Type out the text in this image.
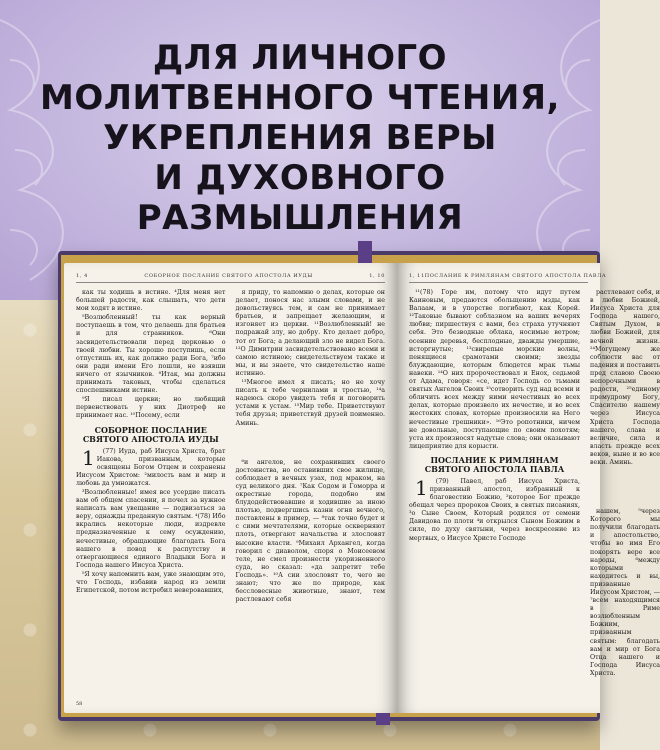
ДЛЯ ЛИЧНОГО
МОЛИТВЕННОГО ЧТЕНИЯ,
УКРЕПЛЕНИЯ ВЕРЫ
И ДУХОВНОГО
РАЗМЫШЛЕНИЯ
1, 4	СОБОРНОЕ ПОСЛАНИЕ СВЯТОГО АПОСТОЛА ИУДЫ	1, 10

как ты ходишь в истине. ⁴Для меня нет большей радости, как слышать, что дети мои ходят в истине.

⁵Возлюбленный! ты как верный поступаешь в том, что делаешь для братьев и для странников. ⁶Они засвидетельствовали перед церковью о твоей любви. Ты хорошо поступишь, если отпустишь их, как должно ради Бога, ⁷ибо они ради имени Его пошли, не взявши ничего от язычников. ⁸Итак, мы должны принимать таковых, чтобы сделаться споспешниками истине.

⁹Я писал церкви; но любящий первенствовать у них Диотреф не принимает нас. ¹⁰Посему, если

СОБОРНОЕ ПОСЛАНИЕ СВЯТОГО АПОСТОЛА ИУДЫ

1 (77) Иуда, раб Иисуса Христа, брат Иакова, призванным, которые освящены Богом Отцем и сохранены Иисусом Христом: ²милость вам и мир и любовь да умножатся.

³Возлюбленные! имея все усердие писать вам об общем спасении, я почел за нужное написать вам увещание — подвизаться за веру, однажды преданную святым. ⁴(78) Ибо вкрались некоторые люди, издревле предназначенные к сему осуждению, нечестивые, обращающие благодать Бога нашего в повод к распутству и отвергающиеся единого Владыки Бога и Господа нашего Иисуса Христа.

⁵Я хочу напомнить вам, уже знающим это, что Господь, избавив народ из земли Египетской, потом истребил неверовавших,

я приду, то напомню о делах, которые он делает, понося нас злыми словами, и не довольствуясь тем, и сам не принимает братьев, и запрещает желающим, и изгоняет из церкви. ¹¹Возлюбленный! не подражай злу, но добру. Кто делает добро, тот от Бога; а делающий зло не видел Бога. ¹²О Димитрии засвидетельствовано всеми и самою истиною; свидетельствуем также и мы, и вы знаете, что свидетельство наше истинно.

¹³Многое имел я писать; но не хочу писать к тебе чернилами и тростью, ¹⁴а надеюсь скоро увидеть тебя и поговорить устами к устам. ¹⁵Мир тебе. Приветствуют тебя друзья; приветствуй друзей поименно. Аминь.

⁶и ангелов, не сохранивших своего достоинства, но оставивших свое жилище, соблюдает в вечных узах, под мраком, на суд великого дня. ⁷Как Содом и Гоморра и окрестные города, подобно им блудодействовавшие и ходившие за иною плотью, подвергшись казни огня вечного, поставлены в пример, — ⁸так точно будет и с сими мечтателями, которые оскверняют плоть, отвергают начальства и злословят высокие власти. ⁹Михаил Архангел, когда говорил с диаволом, споря о Моисеевом теле, не смел произнести укоризненного суда, но сказал: «да запретит тебе Господь». ¹⁰А сии злословят то, чего не знают; что же по природе, как бессловесные животные, знают, тем растлевают себя

58
1, 11 ПОСЛАНИЕ К РИМЛЯНАМ СВЯТОГО АПОСТОЛА ПАВЛА

¹¹(78) Горе им, потому что идут путем Каиновым, предаются обольщению мзды, как Валаам, и в упорстве погибают, как Корей. ¹²Таковые бывают соблазном на ваших вечерях любви; пиршествуя с вами, без страха утучняют себя. Это безводные облака, носимые ветром; осенние деревья, бесплодные, дважды умершие, исторгнутые; ¹³свирепые морские волны, пенящиеся срамотами своими; звезды блуждающие, которым блюдется мрак тьмы навеки. ¹⁴О них пророчествовал и Енох, седьмой от Адама, говоря: «се, идет Господь со тьмами святых Ангелов Своих ¹⁵сотворить суд над всеми и обличить всех между ними нечестивых во всех делах, которые произвело их нечестие, и во всех жестоких словах, которые произносили на Него нечестивые грешники». ¹⁶Это ропотники, ничем не довольные, поступающие по своим похотям; уста их произносят надутые слова; они оказывают лицеприятие для корысти.

ПОСЛАНИЕ К РИМЛЯНАМ СВЯТОГО АПОСТОЛА ПАВЛА

1 (79) Павел, раб Иисуса Христа, призванный апостол, избранный к благовестию Божию, ²которое Бог прежде обещал через пророков Своих, в святых писаниях, ³о Сыне Своем, Который родился от семени Давидова по плоти ⁴и открылся Сыном Божиим в силе, по духу святыни, через воскресение из мертвых, о Иисусе Христе Господе

растлевают себя, и в любви Божией, Иисуса Христа для Господа нашего, Святым Духом, в любви Божией, для вечной жизни. ²⁴Могущему же соблюсти вас от падения и поставить пред славою Своею непорочными в радости, ²⁵единому премудрому Богу, Спасителю нашему через Иисуса Христа Господа нашего, слава и величие, сила и власть прежде всех веков, ныне и во все веки. Аминь.

нашем, ⁵через Которого мы получили благодать и апостольство, чтобы во имя Его покорять вере все народы, ⁶между которыми находитесь и вы, призванные Иисусом Христом, — ⁷всем находящимся в Риме возлюбленным Божиим, призванным святым: благодать вам и мир от Бога Отца нашего и Господа Иисуса Христа.
